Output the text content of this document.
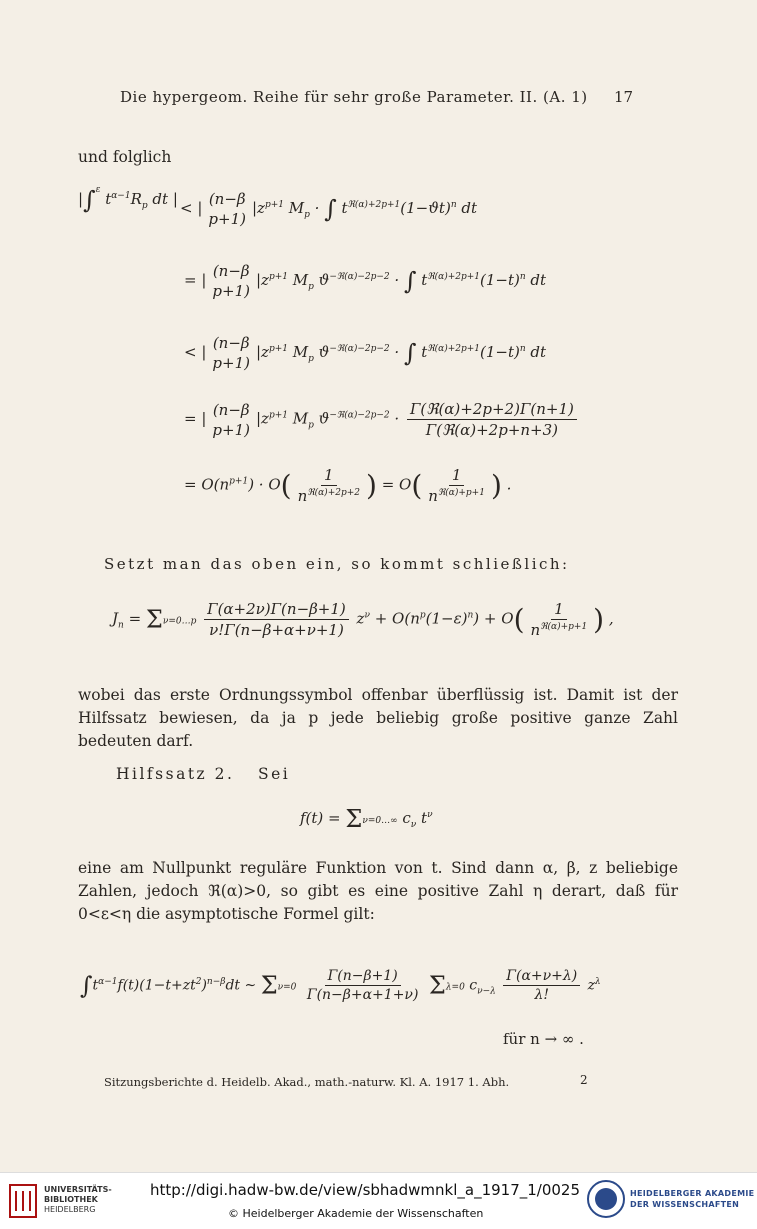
Die hypergeom. Reihe für sehr große Parameter. II. (A. 1) 17
und folglich
|∫$^\varepsilon$ $t^{\alpha-1}R_p$ dt | < | (n−β
p+1)
$|z^{p+1}$ $M_p$ · ∫ $t^{ℜ(\alpha)+2p+1}(1-ϑt)^n$ dt
= | (n−β
p+1)
$|z^{p+1}$ $M_p$ $ϑ^{-ℜ(\alpha)-2p-2}$ · ∫ $t^{ℜ(\alpha)+2p+1}(1-t)^n$ dt
< | (n−β
p+1)
$|z^{p+1}$ $M_p$ $ϑ^{-ℜ(\alpha)-2p-2}$ · ∫ $t^{ℜ(\alpha)+2p+1}(1-t)^n$ dt
= | (n−β
p+1)
$|z^{p+1}$ $M_p$ $ϑ^{-ℜ(\alpha)-2p-2} \cdot \frac{\text{Γ(ℜ(α)+2p+2)Γ(n+1)}}{\text{Γ(ℜ(α)+2p+n+3)}}$
= $O(n^{p+1}) \cdot O( \frac{1}{n^{ℜ(\alpha)+2p+2}}$ ) = $O( \frac{1}{n^{ℜ(\alpha)+p+1}}$ ) .
Setzt man das oben ein, so kommt schließlich:
$J_n$ = Σν=0…p $\frac{\Gamma(\alpha+2\nu)\Gamma(n-\beta+1)}{\nu!\Gamma(n-\beta+\alpha+\nu+1)} z^\nu + O(n^p(1-\varepsilon)^n) + O( \frac{1}{n^{ℜ(\alpha)+p+1}}$ ) ,
wobei das erste Ordnungssymbol offenbar überflüssig ist. Damit ist der Hilfssatz bewiesen, da ja p jede beliebig große positive ganze Zahl bedeuten darf.
Hilfssatz 2. Sei
f(t) = Σν=0…∞ $c_\nu$ $t^\nu$
eine am Nullpunkt reguläre Funktion von t. Sind dann α, β, z beliebige Zahlen, jedoch ℜ(α)>0, so gibt es eine positive Zahl η derart, daß für 0<ε<η die asymptotische Formel gilt:
$\int t^{\alpha-1}f(t)(1-t+zt^2)^{n-\beta}dt$ ∼ $\Sigma\nu=0 \frac{\Gamma(n-\beta+1)}{\Gamma(n-\beta+\alpha+1+\nu)} \Sigma\lambda=0$ $c_{\nu-\lambda} \frac{\Gamma(\alpha+\nu+\lambda)}{\lambda!} z^\lambda$
für n → ∞ .
Sitzungsberichte d. Heidelb. Akad., math.-naturw. Kl. A. 1917 1. Abh.	2
UNIVERSITÄTS-
BIBLIOTHEK
HEIDELBERG
http://digi.hadw-bw.de/view/sbhadwmnkl_a_1917_1/0025
© Heidelberger Akademie der Wissenschaften
HEIDELBERGER AKADEMIE
DER WISSENSCHAFTEN
